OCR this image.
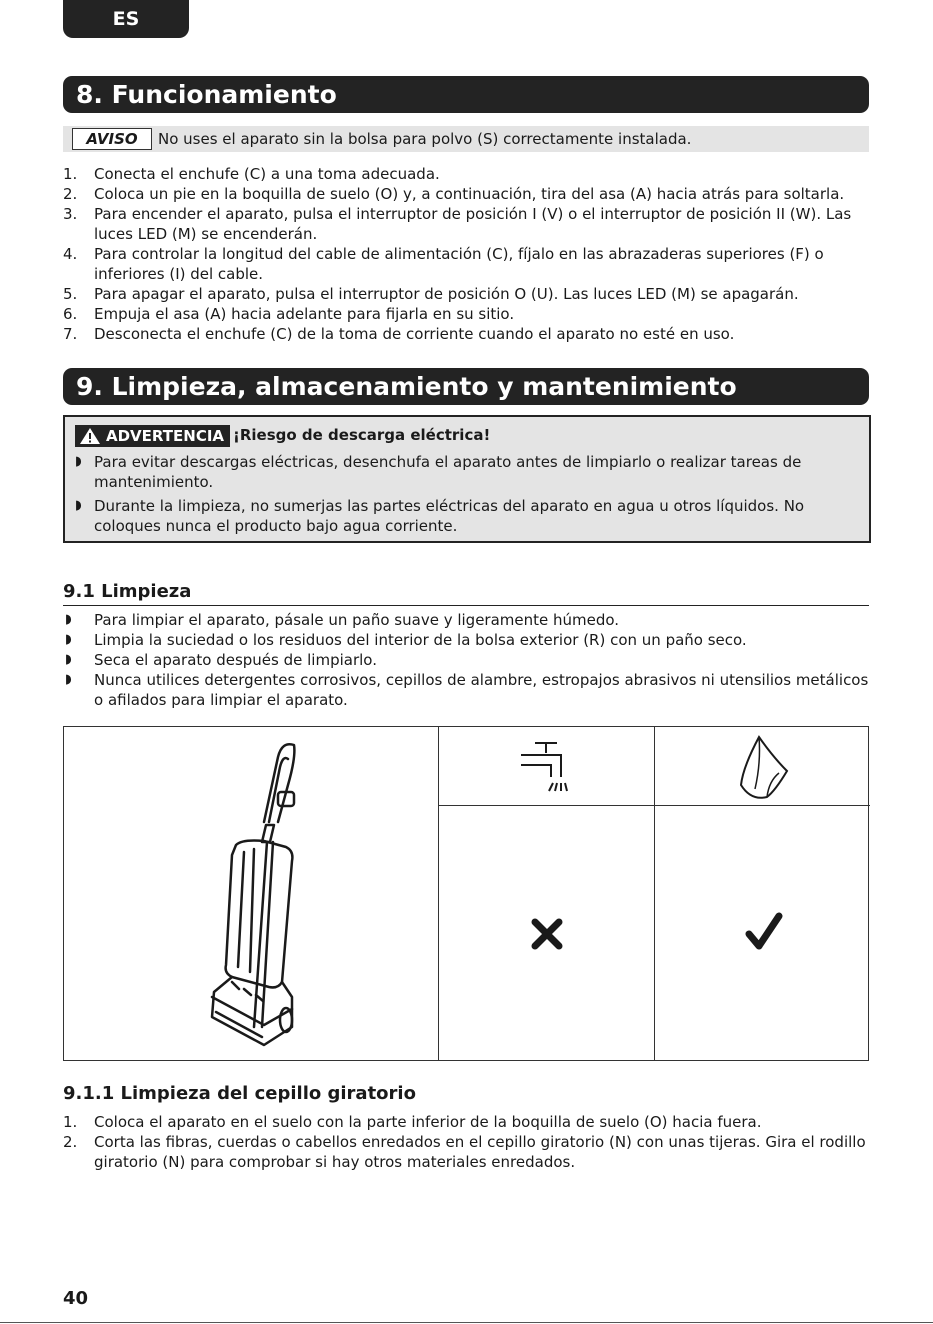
ES
8. Funcionamiento
AVISO	No uses el aparato sin la bolsa para polvo (S) correctamente instalada.
1. Conecta el enchufe (C) a una toma adecuada.
2. Coloca un pie en la boquilla de suelo (O) y, a continuación, tira del asa (A) hacia atrás para soltarla.
3. Para encender el aparato, pulsa el interruptor de posición I (V) o el interruptor de posición II (W). Las
luces LED (M) se encenderán.
4. Para controlar la longitud del cable de alimentación (C), fíjalo en las abrazaderas superiores (F) o
inferiores (I) del cable.
5. Para apagar el aparato, pulsa el interruptor de posición O (U). Las luces LED (M) se apagarán.
6. Empuja el asa (A) hacia adelante para fijarla en su sitio.
7. Desconecta el enchufe (C) de la toma de corriente cuando el aparato no esté en uso.
9. Limpieza, almacenamiento y mantenimiento
ADVERTENCIA ¡Riesgo de descarga eléctrica!
◗ Para evitar descargas eléctricas, desenchufa el aparato antes de limpiarlo o realizar tareas de
mantenimiento.
◗ Durante la limpieza, no sumerjas las partes eléctricas del aparato en agua u otros líquidos. No
coloques nunca el producto bajo agua corriente.
9.1 Limpieza
◗ Para limpiar el aparato, pásale un paño suave y ligeramente húmedo.
◗ Limpia la suciedad o los residuos del interior de la bolsa exterior (R) con un paño seco.
◗ Seca el aparato después de limpiarlo.
◗ Nunca utilices detergentes corrosivos, cepillos de alambre, estropajos abrasivos ni utensilios metálicos
o afilados para limpiar el aparato.
9.1.1 Limpieza del cepillo giratorio
1. Coloca el aparato en el suelo con la parte inferior de la boquilla de suelo (O) hacia fuera.
2. Corta las fibras, cuerdas o cabellos enredados en el cepillo giratorio (N) con unas tijeras. Gira el rodillo
giratorio (N) para comprobar si hay otros materiales enredados.
40
